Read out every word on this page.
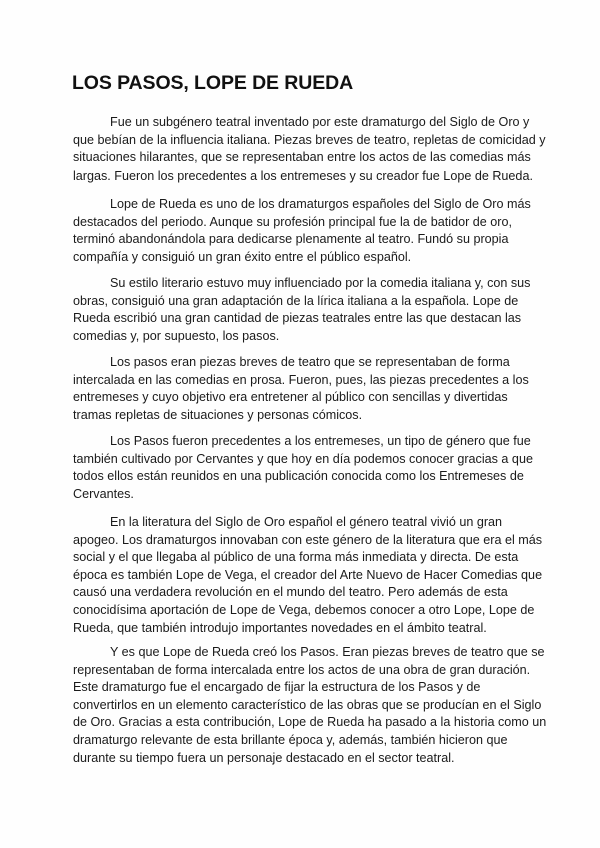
LOS PASOS, LOPE DE RUEDA
Fue un subgénero teatral inventado por este dramaturgo del Siglo de Oro y
que bebían de la influencia italiana. Piezas breves de teatro, repletas de comicidad y
situaciones hilarantes, que se representaban entre los actos de las comedias más
largas. Fueron los precedentes a los entremeses y su creador fue Lope de Rueda.
Lope de Rueda es uno de los dramaturgos españoles del Siglo de Oro más
destacados del periodo. Aunque su profesión principal fue la de batidor de oro,
terminó abandonándola para dedicarse plenamente al teatro. Fundó su propia
compañía y consiguió un gran éxito entre el público español.
Su estilo literario estuvo muy influenciado por la comedia italiana y, con sus
obras, consiguió una gran adaptación de la lírica italiana a la española. Lope de
Rueda escribió una gran cantidad de piezas teatrales entre las que destacan las
comedias y, por supuesto, los pasos.
Los pasos eran piezas breves de teatro que se representaban de forma
intercalada en las comedias en prosa. Fueron, pues, las piezas precedentes a los
entremeses y cuyo objetivo era entretener al público con sencillas y divertidas
tramas repletas de situaciones y personas cómicos.
Los Pasos fueron precedentes a los entremeses, un tipo de género que fue
también cultivado por Cervantes y que hoy en día podemos conocer gracias a que
todos ellos están reunidos en una publicación conocida como los Entremeses de
Cervantes.
En la literatura del Siglo de Oro español el género teatral vivió un gran
apogeo. Los dramaturgos innovaban con este género de la literatura que era el más
social y el que llegaba al público de una forma más inmediata y directa. De esta
época es también Lope de Vega, el creador del Arte Nuevo de Hacer Comedias que
causó una verdadera revolución en el mundo del teatro. Pero además de esta
conocidísima aportación de Lope de Vega, debemos conocer a otro Lope, Lope de
Rueda, que también introdujo importantes novedades en el ámbito teatral.
Y es que Lope de Rueda creó los Pasos. Eran piezas breves de teatro que se
representaban de forma intercalada entre los actos de una obra de gran duración.
Este dramaturgo fue el encargado de fijar la estructura de los Pasos y de
convertirlos en un elemento característico de las obras que se producían en el Siglo
de Oro. Gracias a esta contribución, Lope de Rueda ha pasado a la historia como un
dramaturgo relevante de esta brillante época y, además, también hicieron que
durante su tiempo fuera un personaje destacado en el sector teatral.
